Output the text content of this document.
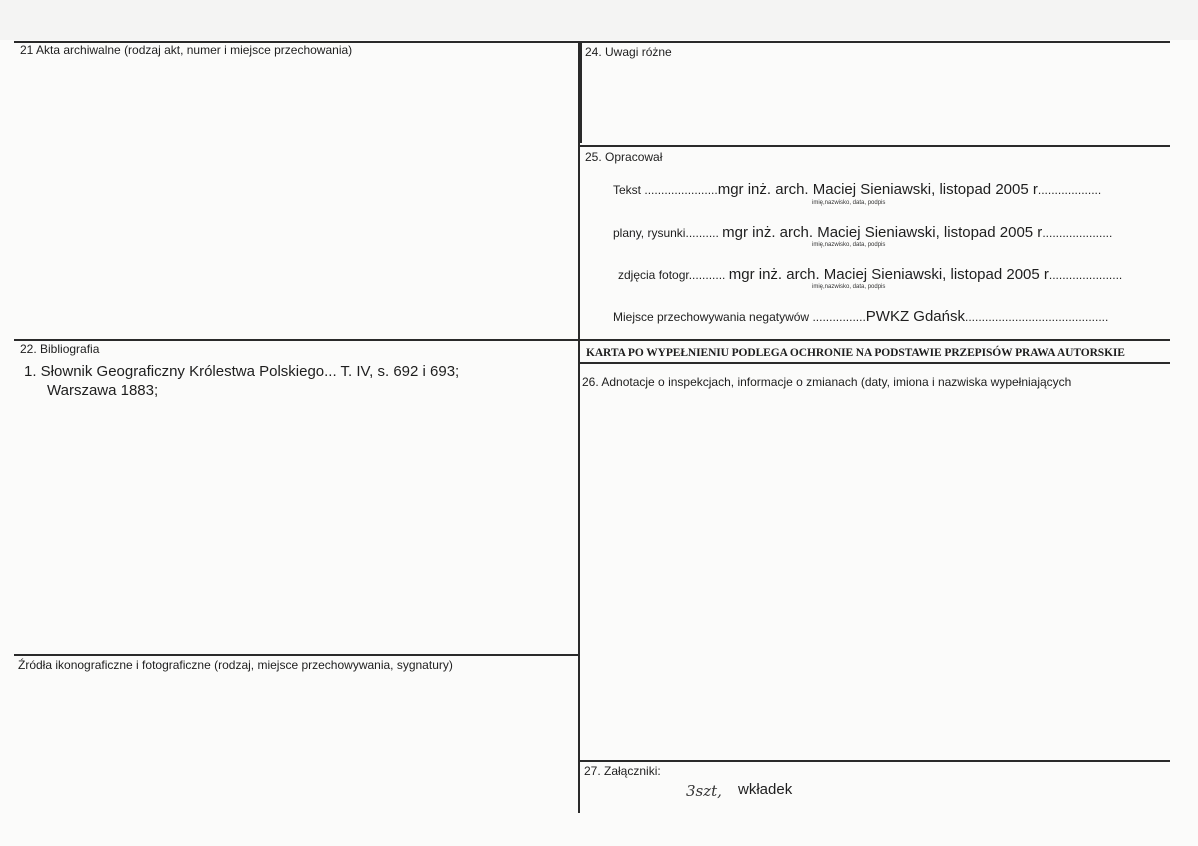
21 Akta archiwalne (rodzaj akt, numer i miejsce przechowania)
22. Bibliografia
1. Słownik Geograficzny Królestwa Polskiego... T. IV, s. 692 i 693;
Warszawa 1883;
Źródła ikonograficzne i fotograficzne (rodzaj, miejsce przechowywania, sygnatury)
24. Uwagi różne
25. Opracował
Tekst ......................mgr inż. arch. Maciej Sieniawski, listopad 2005 r...................
imię,nazwisko, data, podpis
plany, rysunki.......... mgr inż. arch. Maciej Sieniawski, listopad 2005 r.....................
imię,nazwisko, data, podpis
zdjęcia fotogr........... mgr inż. arch. Maciej Sieniawski, listopad 2005 r......................
imię,nazwisko, data, podpis
Miejsce przechowywania negatywów ................PWKZ Gdańsk...........................................
KARTA PO WYPEŁNIENIU PODLEGA OCHRONIE NA PODSTAWIE PRZEPISÓW PRAWA AUTORSKIE
26. Adnotacje o inspekcjach, informacje o zmianach (daty, imiona i nazwiska wypełniających
27. Załączniki:
3szt, wkładek
